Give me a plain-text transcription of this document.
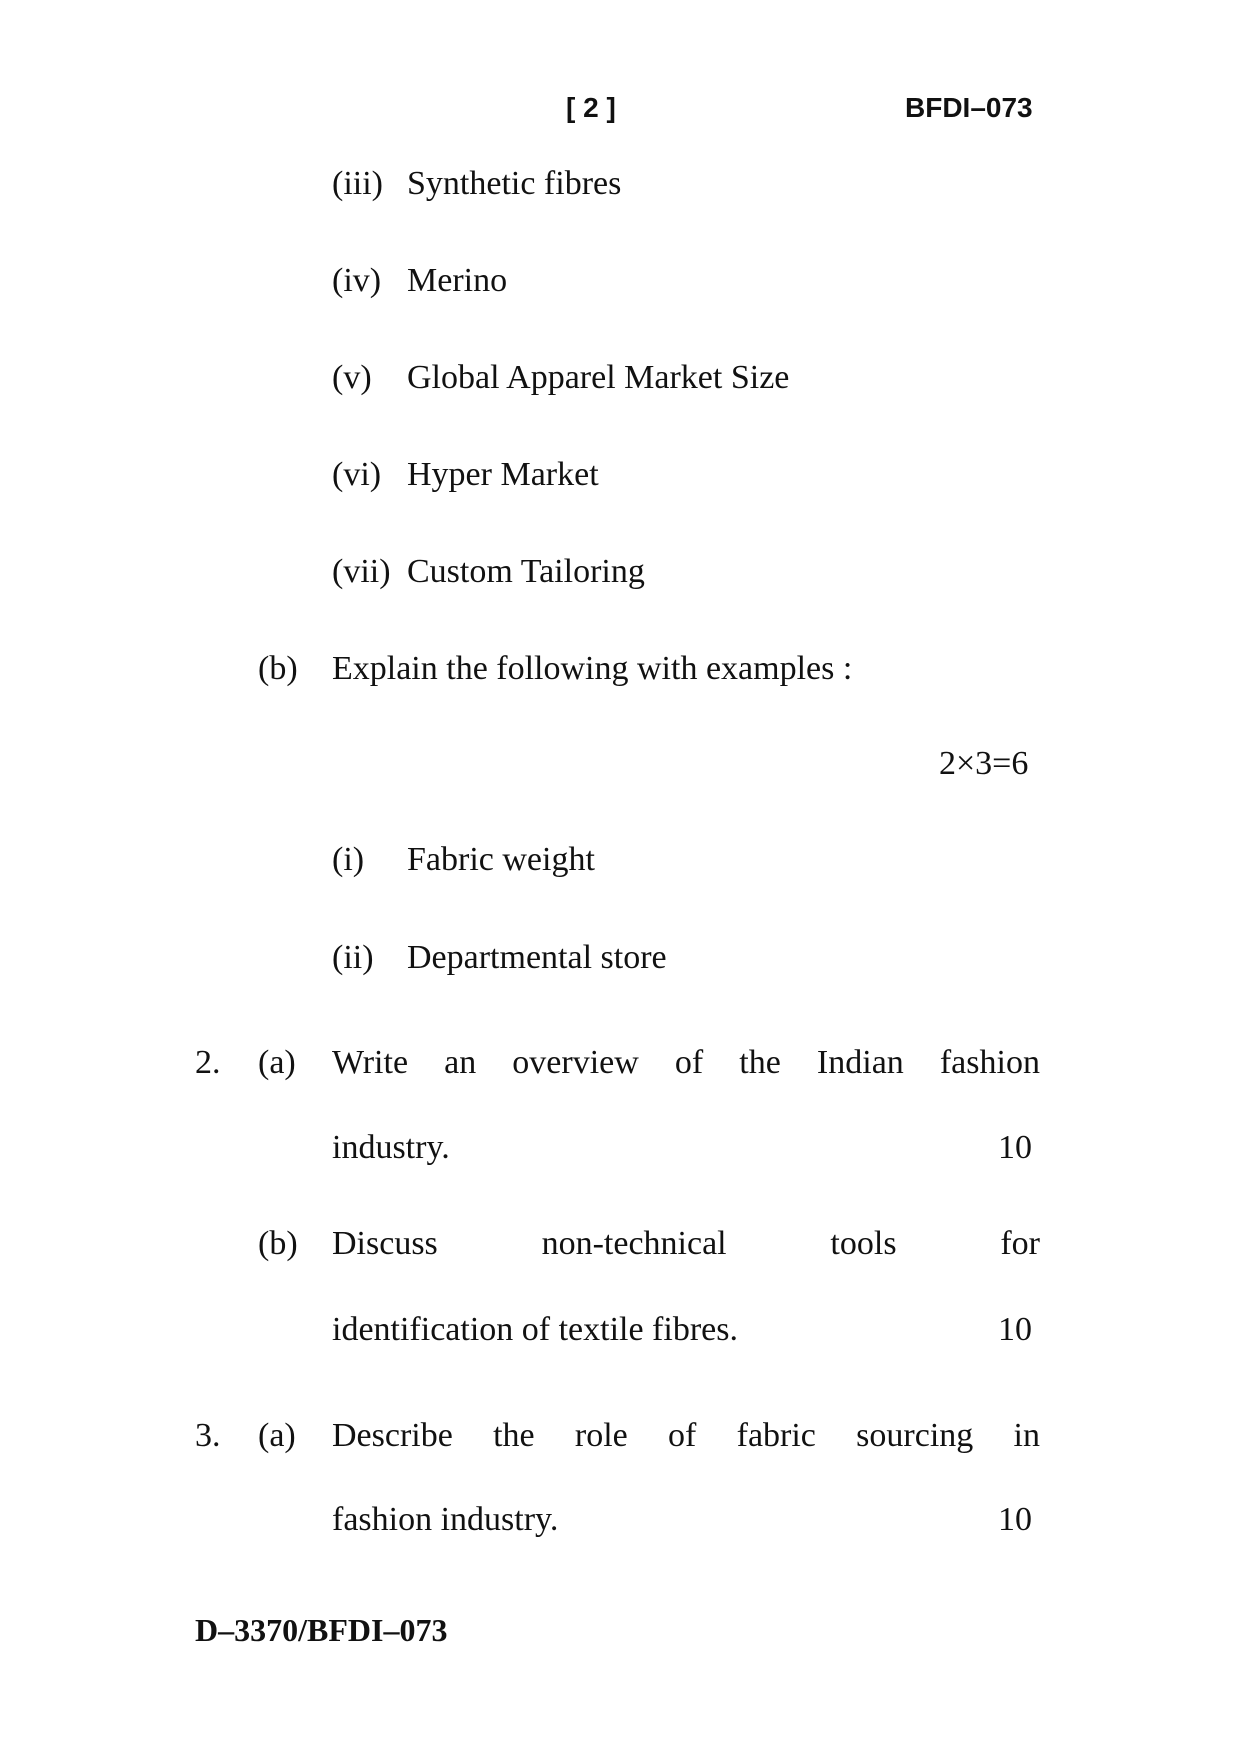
[ 2 ]	BFDI–073
(iii) Synthetic fibres
(iv) Merino
(v) Global Apparel Market Size
(vi) Hyper Market
(vii) Custom Tailoring
(b) Explain the following with examples :
2×3=6
(i) Fabric weight
(ii) Departmental store
2. (a) Write an overview of the Indian fashion
industry.	10
(b) Discuss	non-technical	tools	for
identification of textile fibres.	10
3. (a) Describe the role of fabric sourcing in
fashion industry.	10
D–3370/BFDI–073
